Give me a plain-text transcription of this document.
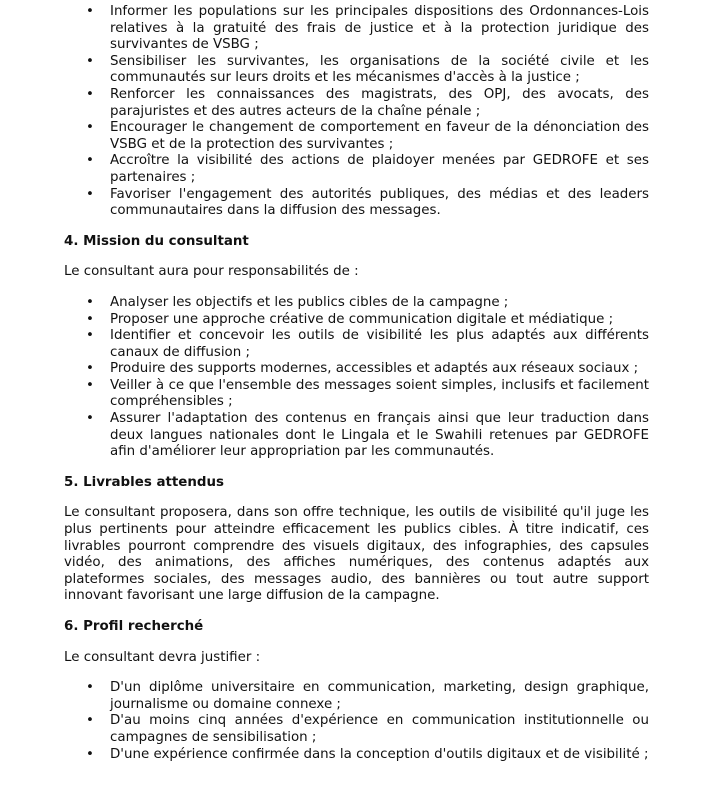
• Informer les populations sur les principales dispositions des Ordonnances-Lois relatives à la gratuité des frais de justice et à la protection juridique des survivantes de VSBG ;
• Sensibiliser les survivantes, les organisations de la société civile et les communautés sur leurs droits et les mécanismes d'accès à la justice ;
• Renforcer les connaissances des magistrats, des OPJ, des avocats, des parajuristes et des autres acteurs de la chaîne pénale ;
• Encourager le changement de comportement en faveur de la dénonciation des VSBG et de la protection des survivantes ;
• Accroître la visibilité des actions de plaidoyer menées par GEDROFE et ses partenaires ;
• Favoriser l'engagement des autorités publiques, des médias et des leaders communautaires dans la diffusion des messages.

4. Mission du consultant

Le consultant aura pour responsabilités de :

• Analyser les objectifs et les publics cibles de la campagne ;
• Proposer une approche créative de communication digitale et médiatique ;
• Identifier et concevoir les outils de visibilité les plus adaptés aux différents canaux de diffusion ;
• Produire des supports modernes, accessibles et adaptés aux réseaux sociaux ;
• Veiller à ce que l'ensemble des messages soient simples, inclusifs et facilement compréhensibles ;
• Assurer l'adaptation des contenus en français ainsi que leur traduction dans deux langues nationales dont le Lingala et le Swahili retenues par GEDROFE afin d'améliorer leur appropriation par les communautés.

5. Livrables attendus

Le consultant proposera, dans son offre technique, les outils de visibilité qu'il juge les plus pertinents pour atteindre efficacement les publics cibles. À titre indicatif, ces livrables pourront comprendre des visuels digitaux, des infographies, des capsules vidéo, des animations, des affiches numériques, des contenus adaptés aux plateformes sociales, des messages audio, des bannières ou tout autre support innovant favorisant une large diffusion de la campagne.

6. Profil recherché

Le consultant devra justifier :

• D'un diplôme universitaire en communication, marketing, design graphique, journalisme ou domaine connexe ;
• D'au moins cinq années d'expérience en communication institutionnelle ou campagnes de sensibilisation ;
• D'une expérience confirmée dans la conception d'outils digitaux et de visibilité ;
